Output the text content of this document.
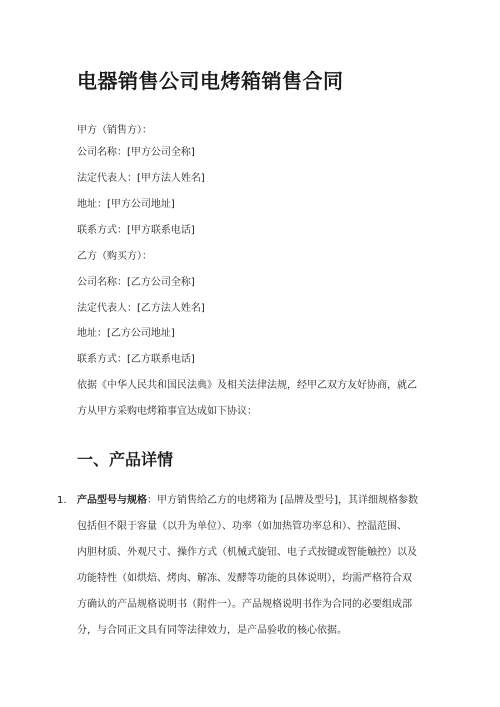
电器销售公司电烤箱销售合同
甲方（销售方）：
公司名称：[甲方公司全称]
法定代表人：[甲方法人姓名]
地址：[甲方公司地址]
联系方式：[甲方联系电话]
乙方（购买方）：
公司名称：[乙方公司全称]
法定代表人：[乙方法人姓名]
地址：[乙方公司地址]
联系方式：[乙方联系电话]
依据《中华人民共和国民法典》及相关法律法规，经甲乙双方友好协商，就乙
方从甲方采购电烤箱事宜达成如下协议：
一、产品详情
1. 产品型号与规格：甲方销售给乙方的电烤箱为 [品牌及型号]，其详细规格参数
包括但不限于容量（以升为单位）、功率（如加热管功率总和）、控温范围、
内胆材质、外观尺寸、操作方式（机械式旋钮、电子式按键或智能触控）以及
功能特性（如烘焙、烤肉、解冻、发酵等功能的具体说明），均需严格符合双
方确认的产品规格说明书（附件一）。产品规格说明书作为合同的必要组成部
分，与合同正文具有同等法律效力，是产品验收的核心依据。
